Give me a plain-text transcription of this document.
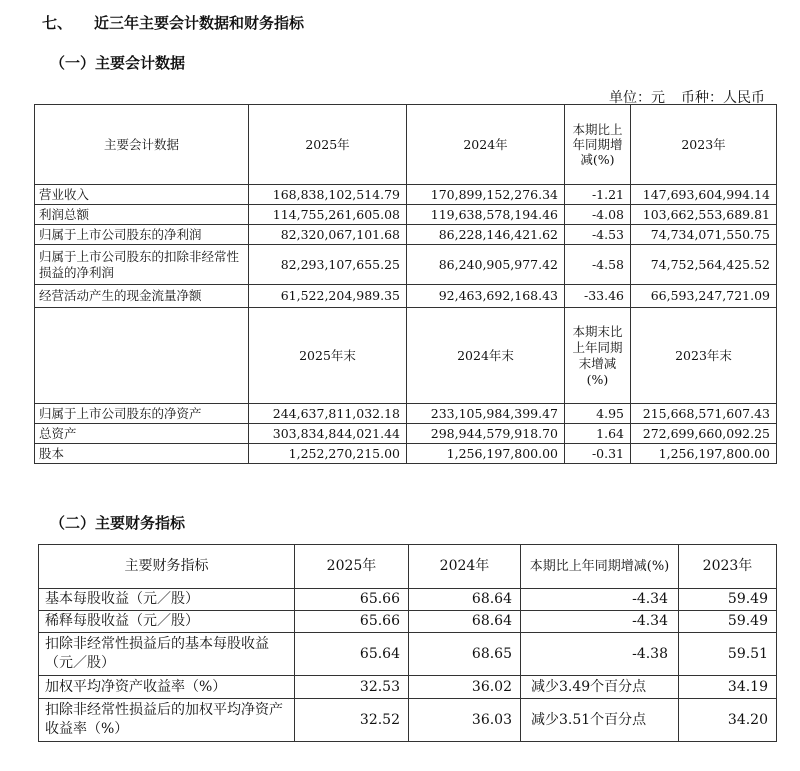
七、 近三年主要会计数据和财务指标
（一）主要会计数据
单位：元 币种：人民币
主要会计数据	2025年	2024年	本期比上年同期增减(%)	2023年
营业收入	168,838,102,514.79	170,899,152,276.34	-1.21	147,693,604,994.14
利润总额	114,755,261,605.08	119,638,578,194.46	-4.08	103,662,553,689.81
归属于上市公司股东的净利润	82,320,067,101.68	86,228,146,421.62	-4.53	74,734,071,550.75
归属于上市公司股东的扣除非经常性损益的净利润	82,293,107,655.25	86,240,905,977.42	-4.58	74,752,564,425.52
经营活动产生的现金流量净额	61,522,204,989.35	92,463,692,168.43	-33.46	66,593,247,721.09
	2025年末	2024年末	本期末比上年同期末增减(%)	2023年末
归属于上市公司股东的净资产	244,637,811,032.18	233,105,984,399.47	4.95	215,668,571,607.43
总资产	303,834,844,021.44	298,944,579,918.70	1.64	272,699,660,092.25
股本	1,252,270,215.00	1,256,197,800.00	-0.31	1,256,197,800.00
（二）主要财务指标
主要财务指标	2025年	2024年	本期比上年同期增减(%)	2023年
基本每股收益（元／股）	65.66	68.64	-4.34	59.49
稀释每股收益（元／股）	65.66	68.64	-4.34	59.49
扣除非经常性损益后的基本每股收益（元／股）	65.64	68.65	-4.38	59.51
加权平均净资产收益率（%）	32.53	36.02	减少3.49个百分点	34.19
扣除非经常性损益后的加权平均净资产收益率（%）	32.52	36.03	减少3.51个百分点	34.20
